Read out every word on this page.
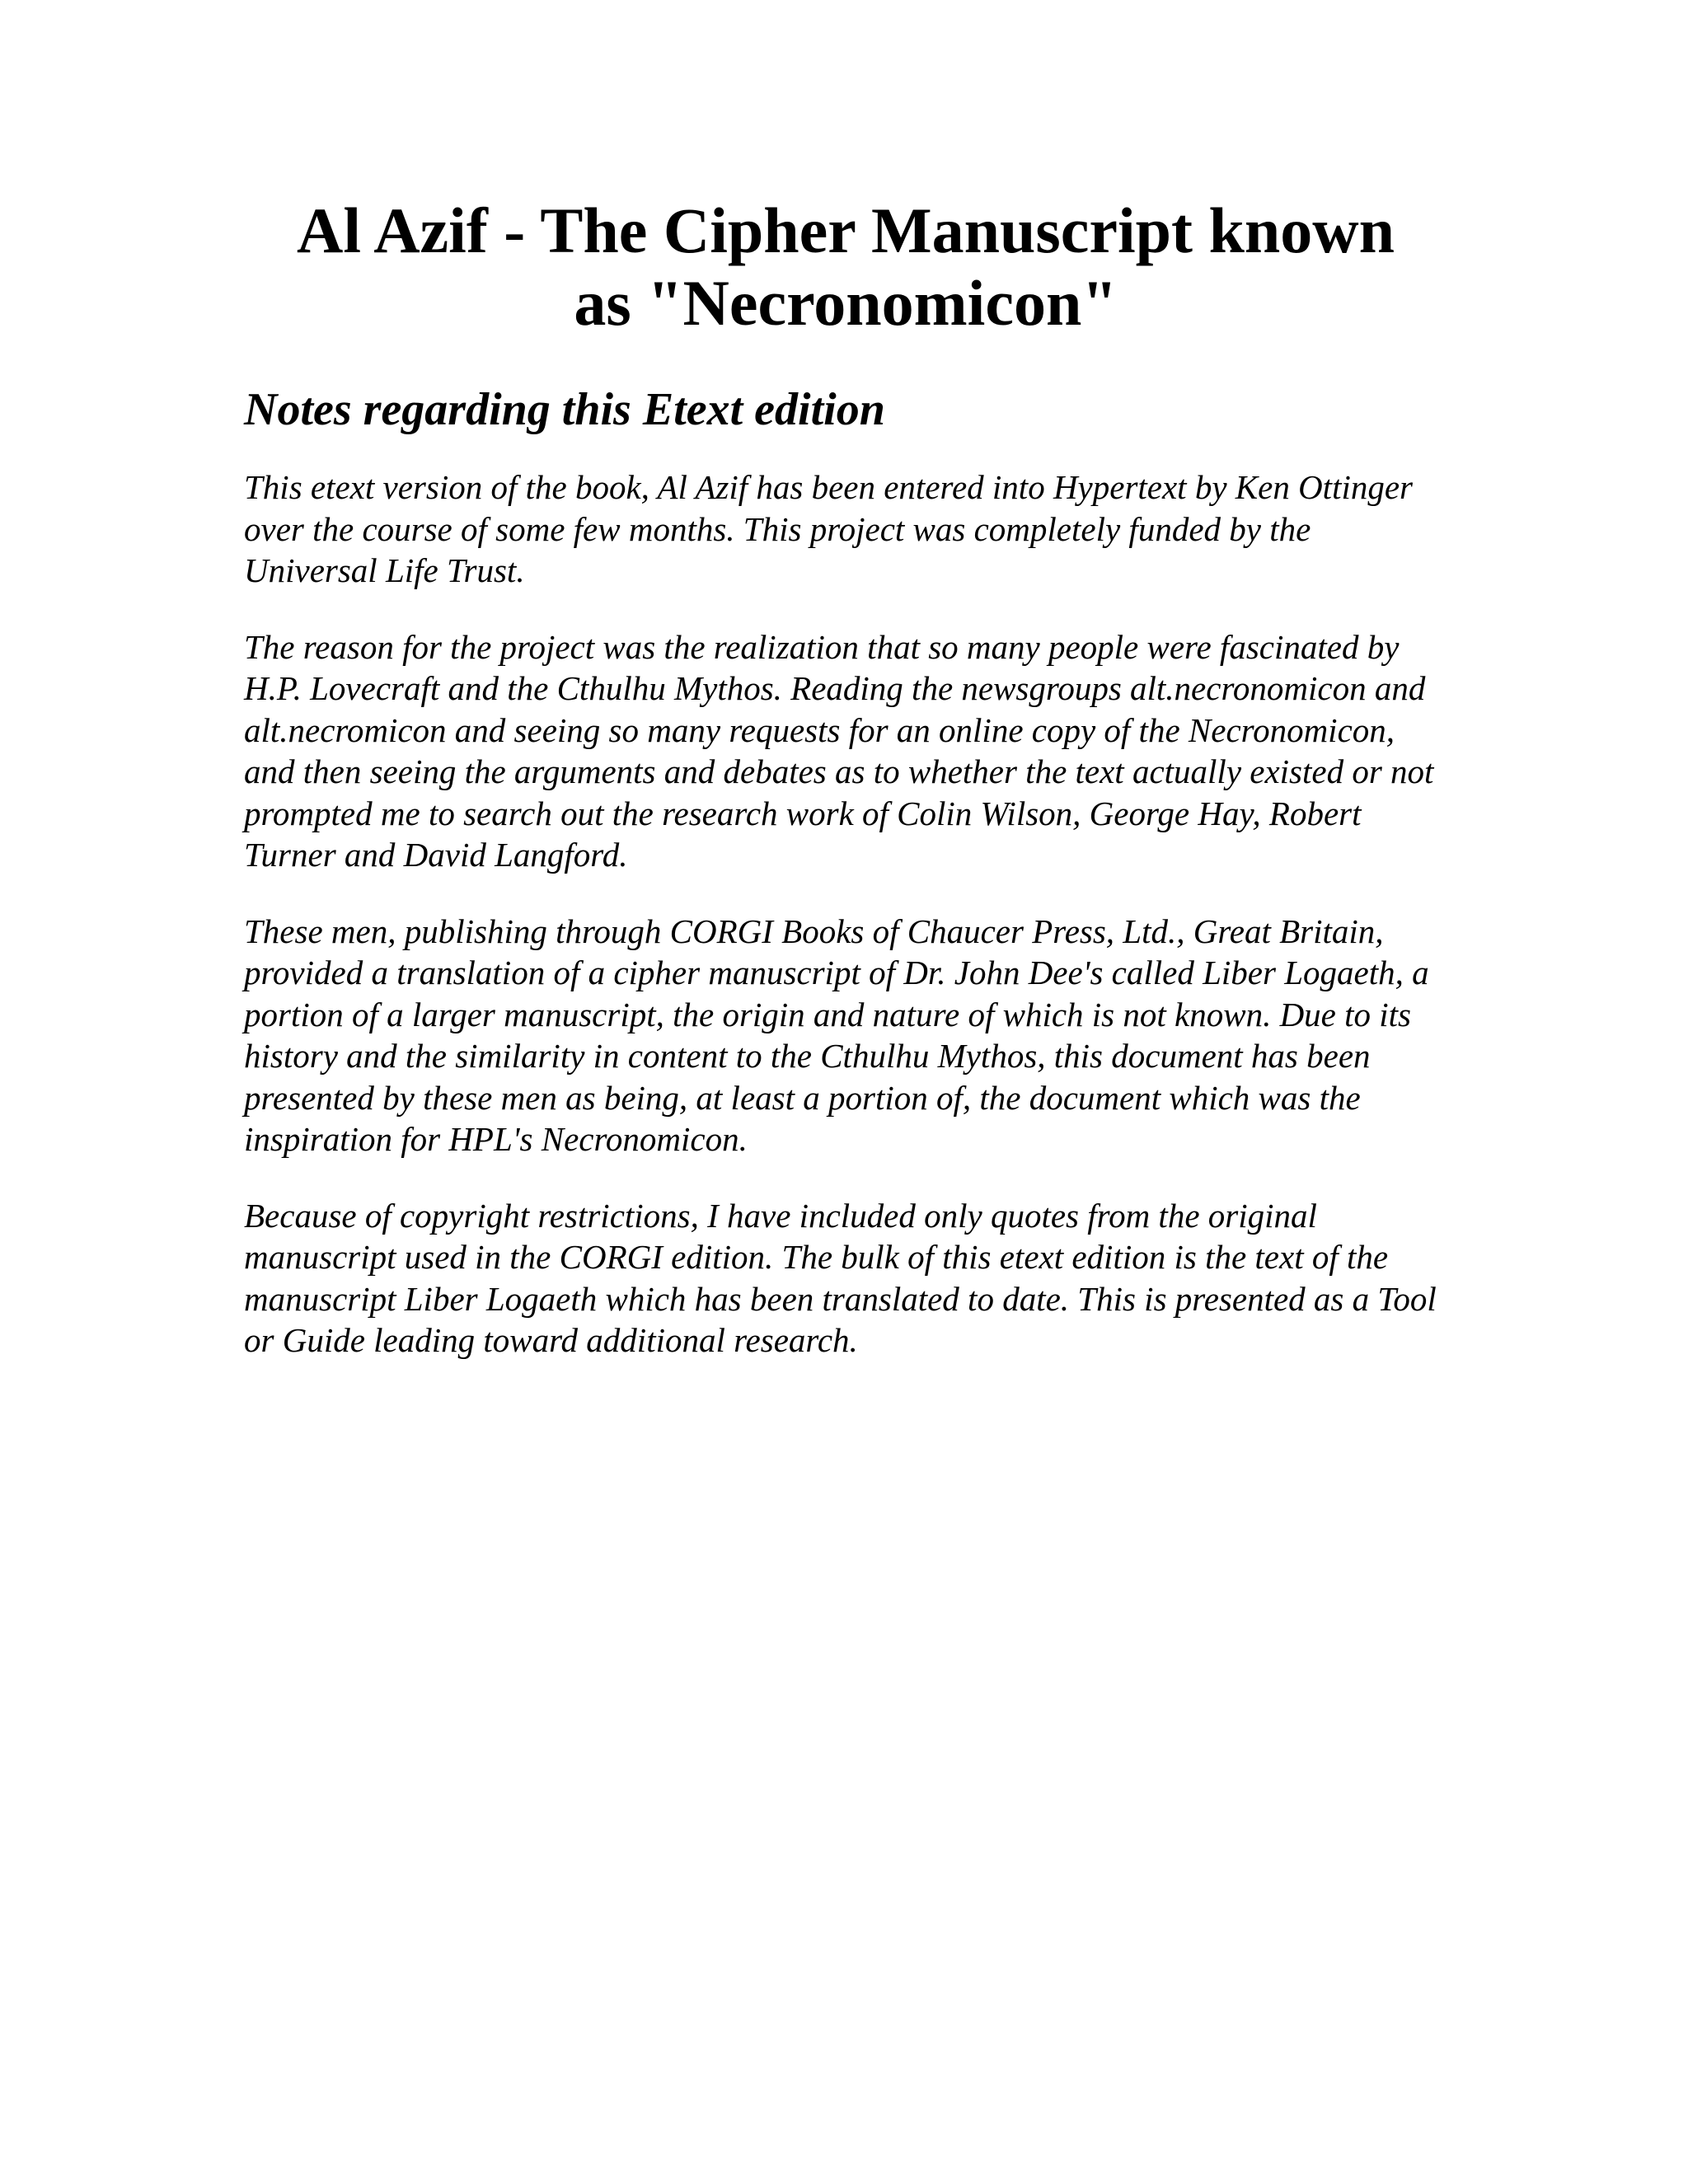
Al Azif - The Cipher Manuscript known
as "Necronomicon"
Notes regarding this Etext edition

This etext version of the book, Al Azif has been entered into Hypertext by Ken Ottinger over the course of some few months. This project was completely funded by the Universal Life Trust.

The reason for the project was the realization that so many people were fascinated by H.P. Lovecraft and the Cthulhu Mythos. Reading the newsgroups alt.necronomicon and alt.necromicon and seeing so many requests for an online copy of the Necronomicon, and then seeing the arguments and debates as to whether the text actually existed or not prompted me to search out the research work of Colin Wilson, George Hay, Robert Turner and David Langford.

These men, publishing through CORGI Books of Chaucer Press, Ltd., Great Britain, provided a translation of a cipher manuscript of Dr. John Dee's called Liber Logaeth, a portion of a larger manuscript, the origin and nature of which is not known. Due to its history and the similarity in content to the Cthulhu Mythos, this document has been presented by these men as being, at least a portion of, the document which was the inspiration for HPL's Necronomicon.

Because of copyright restrictions, I have included only quotes from the original manuscript used in the CORGI edition. The bulk of this etext edition is the text of the manuscript Liber Logaeth which has been translated to date. This is presented as a Tool or Guide leading toward additional research.
